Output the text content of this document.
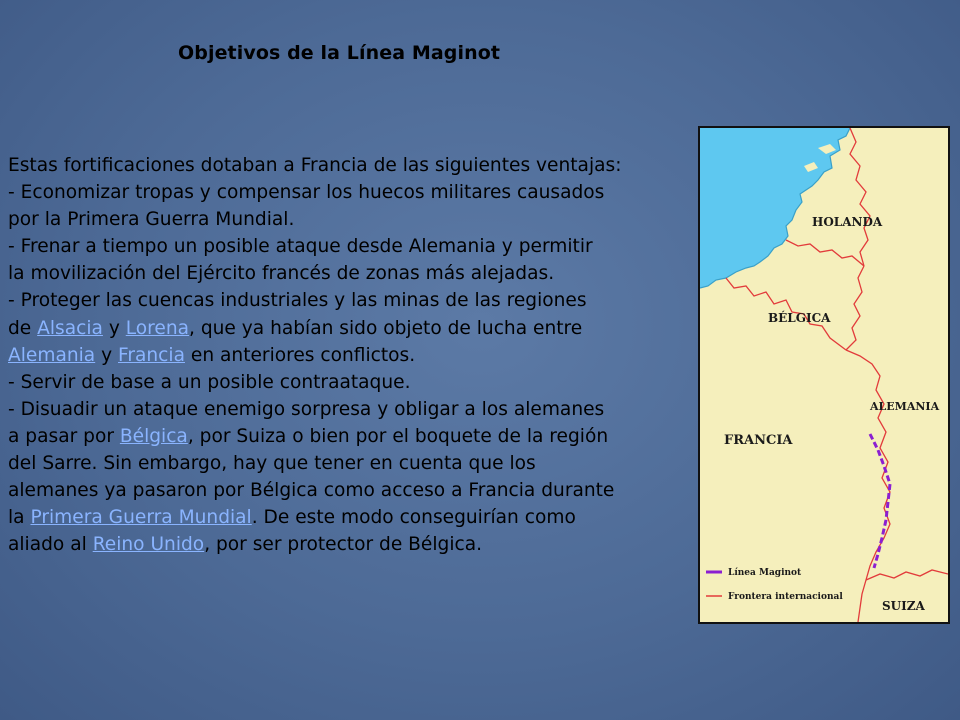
Objetivos de la Línea Maginot
Estas fortificaciones dotaban a Francia de las siguientes ventajas:
- Economizar tropas y compensar los huecos militares causados
por la Primera Guerra Mundial.
- Frenar a tiempo un posible ataque desde Alemania y permitir
la movilización del Ejército francés de zonas más alejadas.
- Proteger las cuencas industriales y las minas de las regiones
de Alsacia y Lorena, que ya habían sido objeto de lucha entre
Alemania y Francia en anteriores conflictos.
- Servir de base a un posible contraataque.
- Disuadir un ataque enemigo sorpresa y obligar a los alemanes
a pasar por Bélgica, por Suiza o bien por el boquete de la región
del Sarre. Sin embargo, hay que tener en cuenta que los
alemanes ya pasaron por Bélgica como acceso a Francia durante
la Primera Guerra Mundial. De este modo conseguirían como
aliado al Reino Unido, por ser protector de Bélgica.
HOLANDA
BÉLGICA
ALEMANIA
FRANCIA
SUIZA
Línea Maginot
Frontera internacional
